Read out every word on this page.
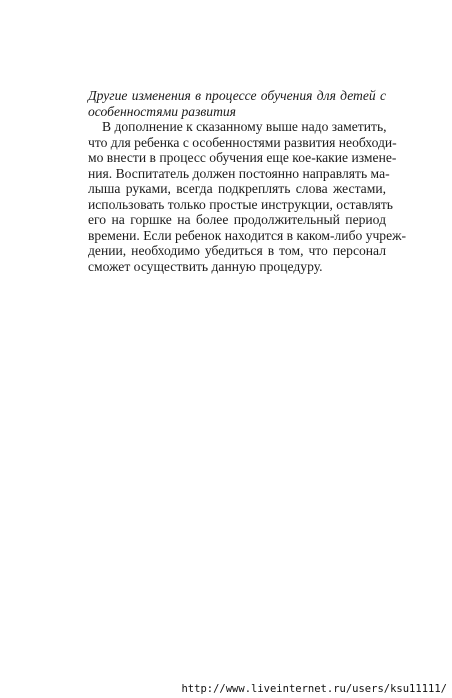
Другие изменения в процессе обучения для детей с
особенностями развития

В дополнение к сказанному выше надо заметить,
что для ребенка с особенностями развития необходи-
мо внести в процесс обучения еще кое-какие измене-
ния. Воспитатель должен постоянно направлять ма-
лыша руками, всегда подкреплять слова жестами,
использовать только простые инструкции, оставлять
его на горшке на более продолжительный период
времени. Если ребенок находится в каком-либо учреж-
дении, необходимо убедиться в том, что персонал
сможет осуществить данную процедуру.

http://www.liveinternet.ru/users/ksu11111/
